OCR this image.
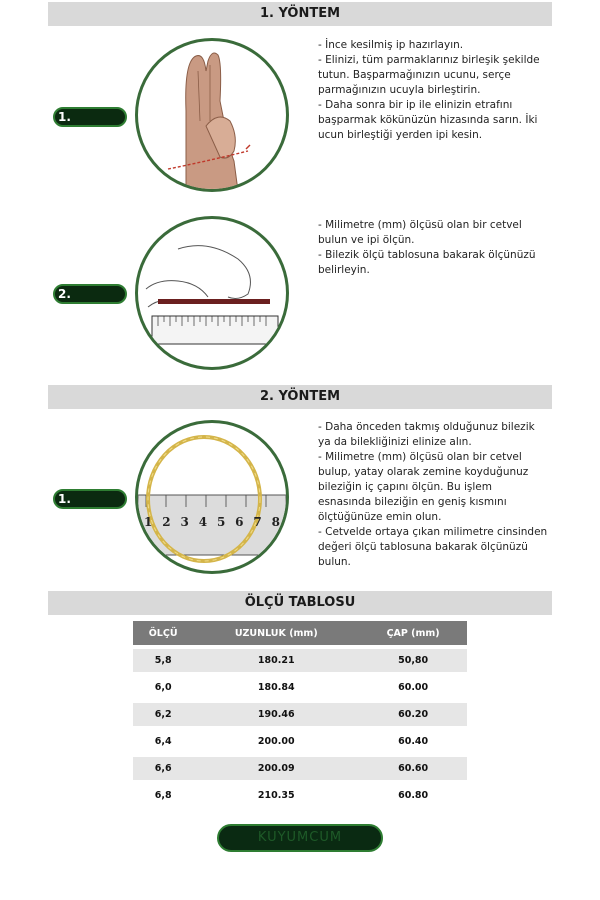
1. YÖNTEM
1.

- İnce kesilmiş ip hazırlayın.

- Elinizi, tüm parmaklarınız birleşik şekilde tutun. Başparmağınızın ucunu, serçe parmağınızın ucuyla birleştirin.

- Daha sonra bir ip ile elinizin etrafını başparmak kökünüzün hizasında sarın. İki ucun birleştiği yerden ipi kesin.

2.

- Milimetre (mm) ölçüsü olan bir cetvel bulun ve ipi ölçün.

- Bilezik ölçü tablosuna bakarak ölçünüzü belirleyin.

2. YÖNTEM
1.
1 2 3 4 5 6 7 8

- Daha önceden takmış olduğunuz bilezik ya da bilekliğinizi elinize alın.

- Milimetre (mm) ölçüsü olan bir cetvel bulup, yatay olarak zemine koyduğunuz bileziğin iç çapını ölçün. Bu işlem esnasında bileziğin en geniş kısmını ölçtüğünüze emin olun.

- Cetvelde ortaya çıkan milimetre cinsinden değeri ölçü tablosuna bakarak ölçünüzü bulun.

ÖLÇÜ TABLOSU
ÖLÇÜ	UZUNLUK (mm)	ÇAP (mm)
5,8	180.21	50,80
6,0	180.84	60.00
6,2	190.46	60.20
6,4	200.00	60.40
6,6	200.09	60.60
6,8	210.35	60.80
KUYUMCUM
